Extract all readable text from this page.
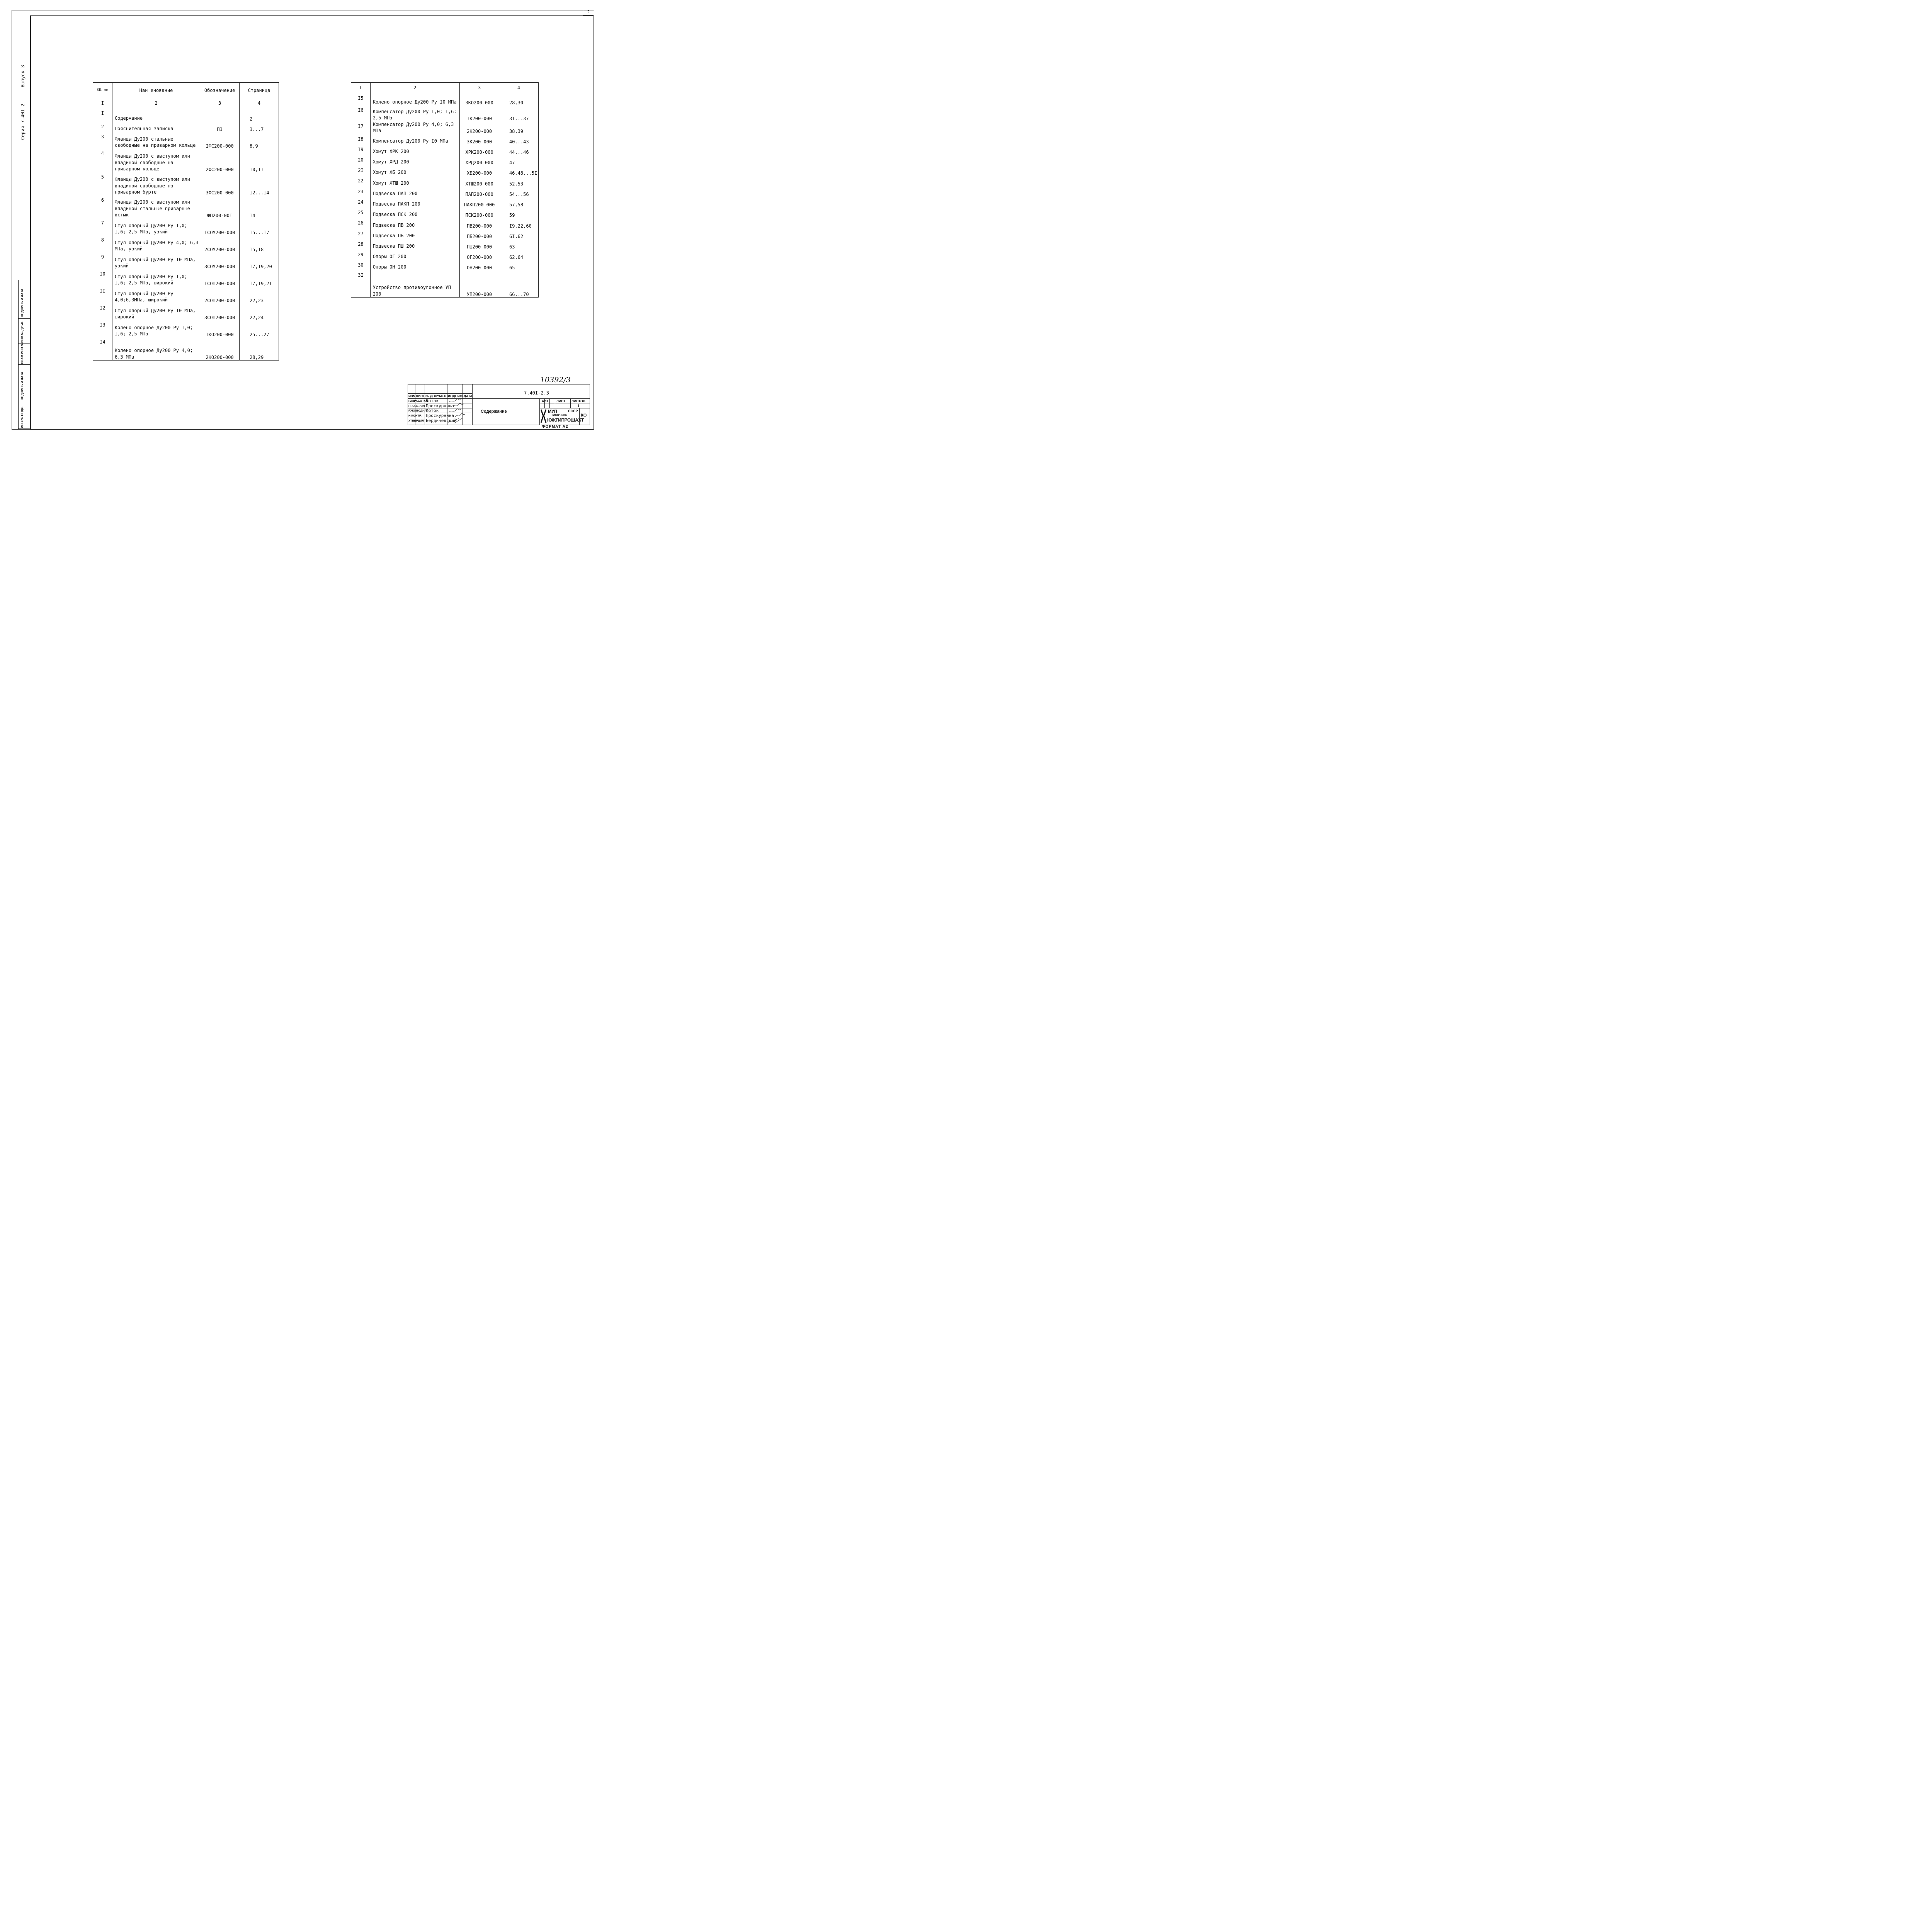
2
Серия 7.40I-2
Выпуск 3
ПОДПИСЬ И ДАТА
ИНВ.№ ДУБЛ.
ВЗАМ.ИНВ.№
ПОДПИСЬ И ДАТА
ИНВ.№ ПОДЛ.
№№ пп	Наи енование	Обозначение	Страница
I	2	3	4
I	Содержание		2
2	Пояснительная записка	ПЗ	3...7
3	Фланцы Ду200 стальные свободные на приварном кольце	IФС200-000	8,9
4	Фланцы Ду200 с выступом или впадиной свободные на приварном кольце	2ФС200-000	I0,II
5	Фланцы Ду200 с выступом или впадиной свободные на приварном бурте	3ФС200-000	I2...I4
6	Фланцы Ду200 с выступом или впадиной стальные приварные встык	ФП200-00I	I4
7	Стул опорный Ду200 Ру I,0; I,6; 2,5 МПа, узкий	IСОУ200-000	I5...I7
8	Стул опорный Ду200 Ру 4,0; 6,3 МПа, узкий	2СОУ200-000	I5,I8
9	Стул опорный Ду200 Ру I0 МПа, узкий	3СОУ200-000	I7,I9,20
I0	Стул опорный Ду200 Ру I,0; I,6; 2,5 МПа, широкий	IСОШ200-000	I7,I9,2I
II	Стул опорный Ду200 Ру 4,0;6,3МПа, широкий	2СОШ200-000	22,23
I2	Стул опорный Ду200 Ру I0 МПа, широкий	3СОШ200-000	22,24
I3	Колено опорное Ду200 Ру I,0; I,6; 2,5 МПа	IКО200-000	25...27
I4	Колено опорное Ду200 Ру 4,0; 6,3 МПа	2КО200-000	28,29
I	2	3	4
I5	Колено опорное Ду200 Ру I0 МПа	3КО200-000	28,30
I6	Компенсатор Ду200 Ру I,0; I,6; 2,5 МПа	IК200-000	3I...37
I7	Компенсатор Ду200 Ру 4,0; 6,3 МПа	2К200-000	38,39
I8	Компенсатор Ду200 Ру I0 МПа	3К200-000	40...43
I9	Хомут ХРК 200	ХРК200-000	44...46
20	Хомут ХРД 200	ХРД200-000	47
2I	Хомут ХБ 200	ХБ200-000	46,48...5I
22	Хомут ХТШ 200	ХТШ200-000	52,53
23	Подвеска ПАП 200	ПАП200-000	54...56
24	Подвеска ПАКП 200	ПАКП200-000	57,58
25	Подвеска ПСК 200	ПСК200-000	59
26	Подвеска ПВ 200	ПВ200-000	I9,22,60
27	Подвеска ПБ 200	ПБ200-000	6I,62
28	Подвеска ПШ 200	ПШ200-000	63
29	Опоры ОГ 200	ОГ200-000	62,64
30	Опоры ОН 200	ОН200-000	65
3I	Устройство противоугонное УП 200	УП200-000	66...70
10392/3
ИЗМ ЛИСТ № ДОКУМЕНТА
ПОДПИСЬ
ДАТА
РАЗРАБОТАЛ
Коток
ПРОВЕРИЛ Проскурнина
РУКОВОДИЛ
Коток
Н.КОНТР. Проскурнина
УТВЕРДИЛ Бердичевский
7.40I-2.3
Содержание
АИТ ЛИСТ ЛИСТОВ
I
МУП	СССР
ГлавУПиКС
ЮЖГИПРОШАХТ
КО
ФОРМАТ А2
